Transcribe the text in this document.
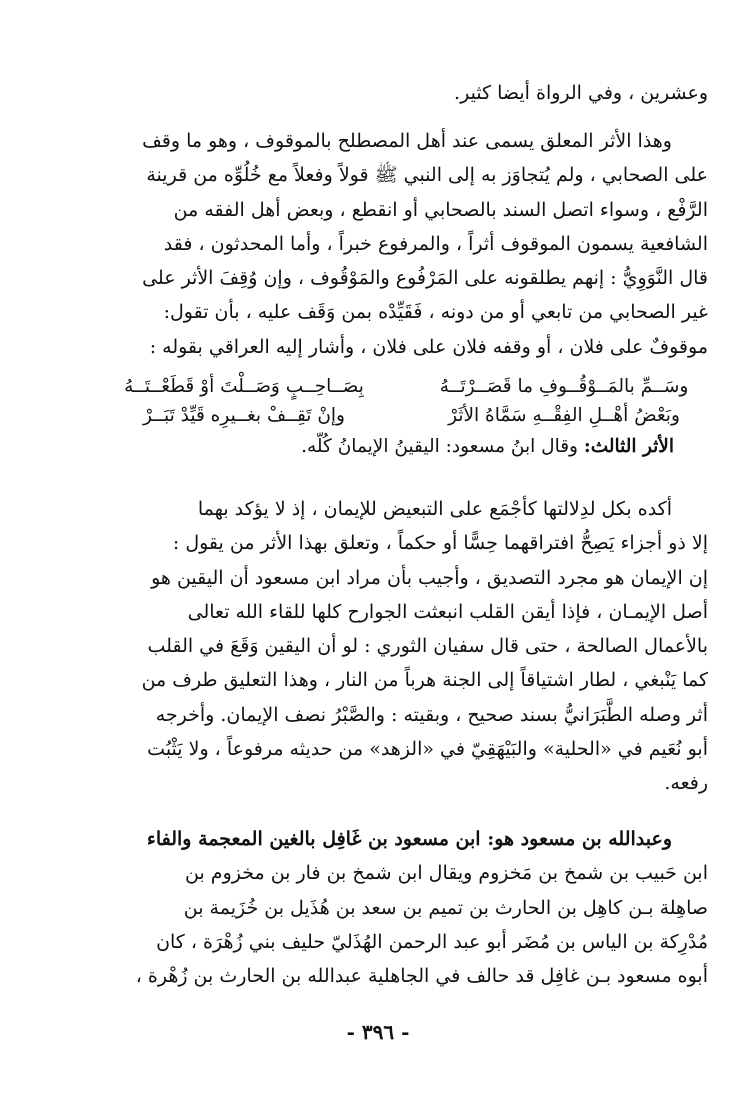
وعشرين ، وفي الرواة أيضا كثير.

وهذا الأثر المعلق يسمى عند أهل المصطلح بالموقوف ، وهو ما وقف
على الصحابي ، ولم يُتجاوَز به إلى النبي ﷺ قولاً وفعلاً مع خُلُوِّه من قرينة
الرَّفْع ، وسواء اتصل السند بالصحابي أو انقطع ، وبعض أهل الفقه من
الشافعية يسمون الموقوف أثراً ، والمرفوع خبراً ، وأما المحدثون ، فقد
قال النَّوَوِيُّ : إنهم يطلقونه على المَرْفُوع والمَوْقُوف ، وإن وُقِفَ الأثر على
غير الصحابي من تابعي أو من دونه ، فَقَيِّدْه بمن وَقَف عليه ، بأن تقول:
موقوفٌ على فلان ، أو وقفه فلان على فلان ، وأشار إليه العراقي بقوله :

وسَــمِّ بالمَــوْقُــوفِ ما قَصَــرْتَــهُ
بِصَــاحِــبٍ وَصَــلْتَ أوْ قَطَعْــتَــهُ
وبَعْضُ أهْــلِ الفِقْــهِ سَمَّاهُ الأثَرْ
وإنْ تَقِــفْ بغــيرِه قَيِّدْ تَبَــرْ
الأثر الثالث: وقال ابنُ مسعود: اليقينُ الإيمانُ كُلُّه.

أكده بكل لدِلالتها كأجْمَع على التبعيض للإيمان ، إذ لا يؤكد بهما
إلا ذو أجزاء يَصِحُّ افتراقهما حِسًّا أو حكماً ، وتعلق بهذا الأثر من يقول :
إن الإيمان هو مجرد التصديق ، وأجيب بأن مراد ابن مسعود أن اليقين هو
أصل الإيمـان ، فإذا أيقن القلب انبعثت الجوارح كلها للقاء الله تعالى
بالأعمال الصالحة ، حتى قال سفيان الثوري : لو أن اليقين وَقَعَ في القلب
كما يَنْبغي ، لطار اشتياقاً إلى الجنة هرباً من النار ، وهذا التعليق طرف من
أثر وصله الطَّبَرَانيُّ بسند صحيح ، وبقيته : والصَّبْرُ نصف الإيمان. وأخرجه
أبو نُعَيم في «الحلية» والبَيْهَقِيّ في «الزهد» من حديثه مرفوعاً ، ولا يَثْبُت
رفعه.

وعبدالله بن مسعود هو: ابن مسعود بن غَافِل بالغين المعجمة والفاء
ابن حَبيب بن شمخ بن مَخزوم ويقال ابن شمخ بن فار بن مخزوم بن
صاهِلة بـن كاهِل بن الحارث بن تميم بن سعد بن هُذَيل بن خُزَيمة بن
مُدْرِكة بن الياس بن مُضَر أبو عبد الرحمن الهُذَليّ حليف بني زُهْرَة ، كان
أبوه مسعود بـن غافِل قد حالف في الجاهلية عبدالله بن الحارث بن زُهْرة ،

- ٣٩٦ -
